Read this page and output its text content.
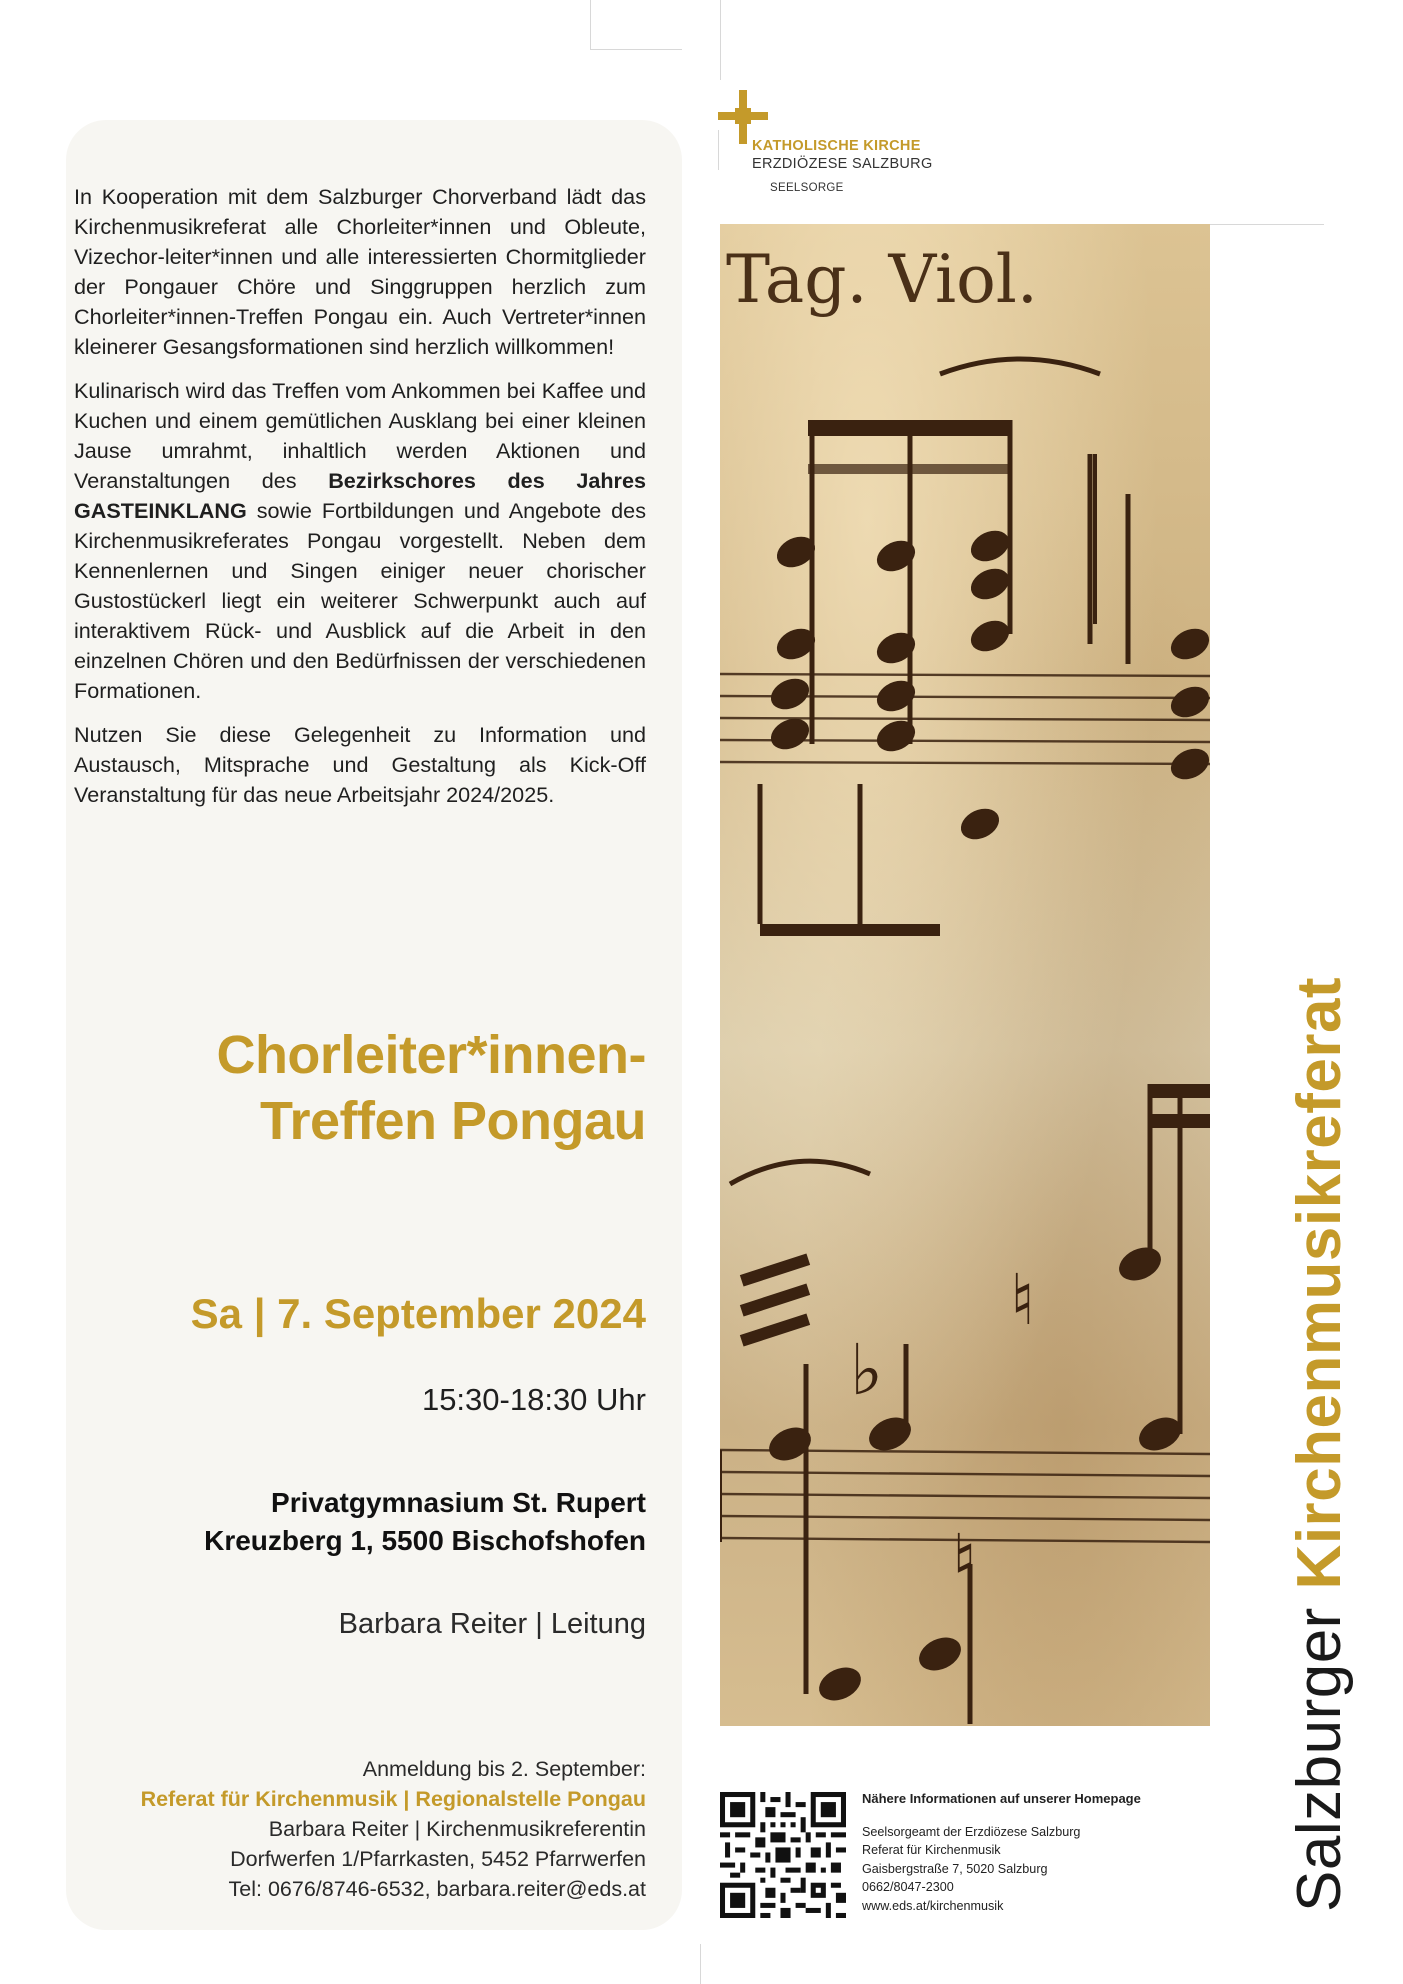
In Kooperation mit dem Salzburger Chorverband lädt das Kirchenmusikreferat alle Chorleiter*innen und Obleute, Vizechor-leiter*innen und alle interessierten Chormitglieder der Pongauer Chöre und Singgruppen herzlich zum Chorleiter*innen-Treffen Pongau ein. Auch Vertreter*innen kleinerer Gesangsformationen sind herzlich willkommen!

Kulinarisch wird das Treffen vom Ankommen bei Kaffee und Kuchen und einem gemütlichen Ausklang bei einer kleinen Jause umrahmt, inhaltlich werden Aktionen und Veranstaltungen des Bezirkschores des Jahres GASTEINKLANG sowie Fortbildungen und Angebote des Kirchenmusikreferates Pongau vorgestellt. Neben dem Kennenlernen und Singen einiger neuer chorischer Gustostückerl liegt ein weiterer Schwerpunkt auch auf interaktivem Rück- und Ausblick auf die Arbeit in den einzelnen Chören und den Bedürfnissen der verschiedenen Formationen.

Nutzen Sie diese Gelegenheit zu Information und Austausch, Mitsprache und Gestaltung als Kick-Off Veranstaltung für das neue Arbeitsjahr 2024/2025.

Chorleiter*innen-
Treffen Pongau
Sa | 7. September 2024
15:30-18:30 Uhr
Privatgymnasium St. Rupert
Kreuzberg 1, 5500 Bischofshofen
Barbara Reiter | Leitung
Anmeldung bis 2. September:
Referat für Kirchenmusik | Regionalstelle Pongau
Barbara Reiter | Kirchenmusikreferentin
Dorfwerfen 1/Pfarrkasten, 5452 Pfarrwerfen
Tel: 0676/8746-6532, barbara.reiter@eds.at
KATHOLISCHE KIRCHE
ERZDIÖZESE SALZBURG
SEELSORGE
Tag. Viol.
♭
♮
♮
Salzburger Kirchenmusikreferat
Nähere Informationen auf unserer Homepage
Seelsorgeamt der Erzdiözese Salzburg
Referat für Kirchenmusik
Gaisbergstraße 7, 5020 Salzburg
0662/8047-2300
www.eds.at/kirchenmusik
